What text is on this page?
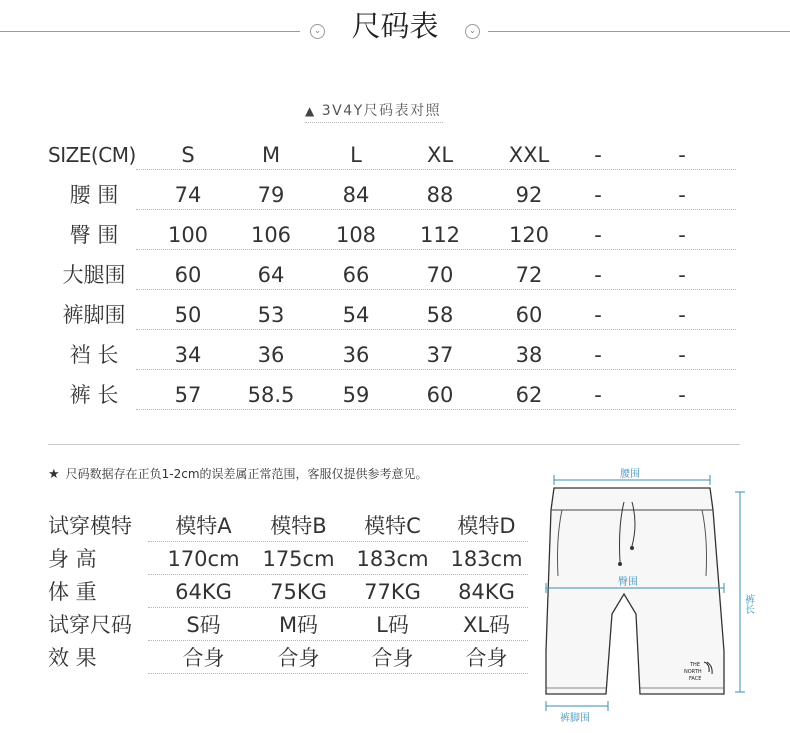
⌄	尺码表	⌄
▲ 3V4Y尺码表对照
SIZE(CM)	S	M	L	XL	XXL	-	-
腰 围	74	79	84	88	92	-	-
臀 围	100	106	108	112	120	-	-
大腿围	60	64	66	70	72	-	-
裤脚围	50	53	54	58	60	-	-
裆 长	34	36	36	37	38	-	-
裤 长	57	58.5	59	60	62	-	-
★ 尺码数据存在正负1-2cm的误差属正常范围，客服仅提供参考意见。
试穿模特	模特A	模特B	模特C	模特D
身 高	170cm	175cm	183cm	183cm
体 重	64KG	75KG	77KG	84KG
试穿尺码	S码	M码	L码	XL码
效 果	合身	合身	合身	合身
腰围
臀围
裤长
裤脚围
THE
NORTH
FACE
